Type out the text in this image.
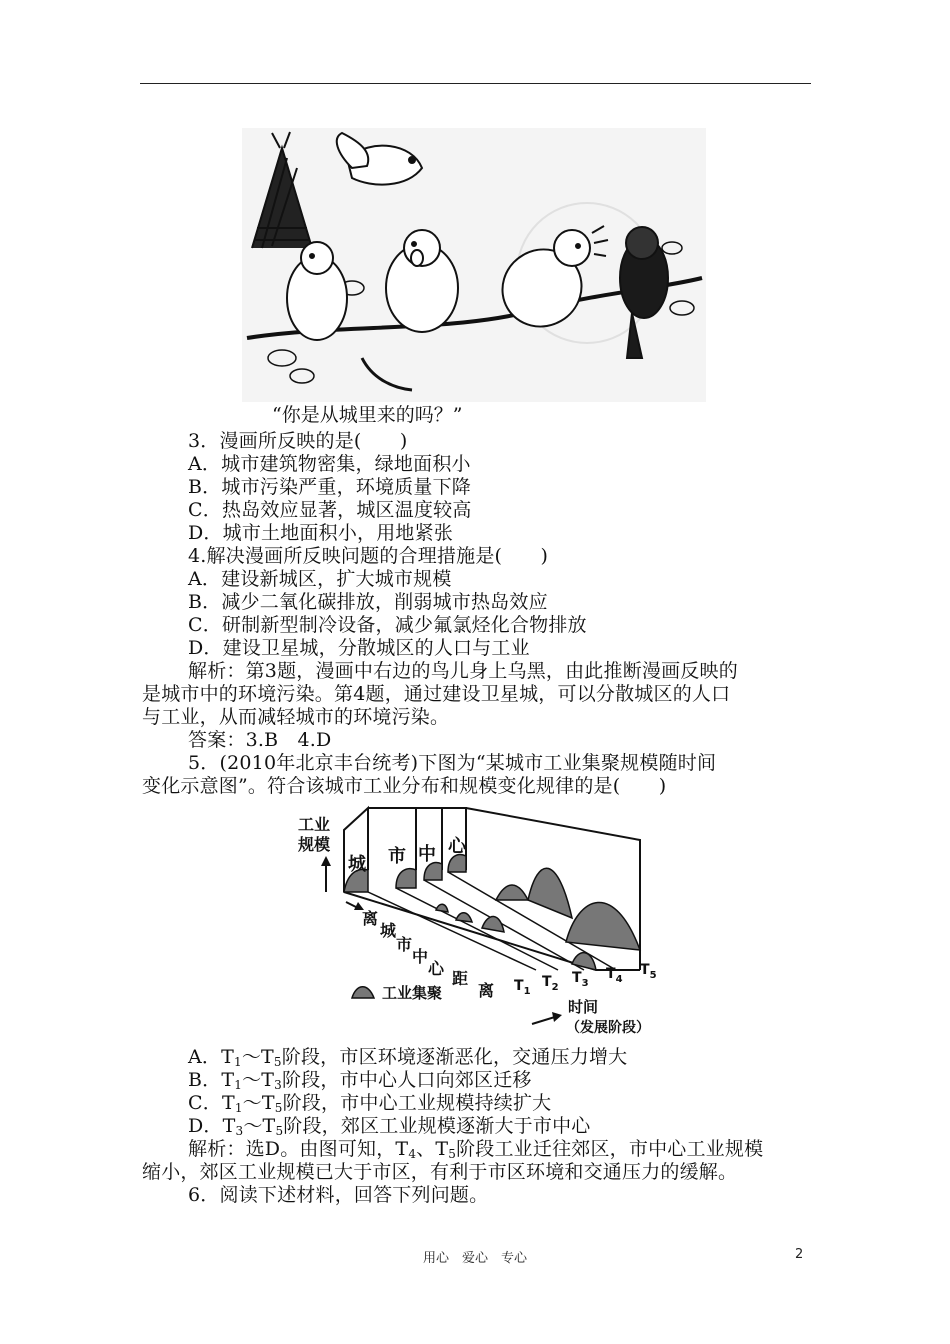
“你是从城里来的吗？”
3．漫画所反映的是(　　)
A．城市建筑物密集，绿地面积小
B．城市污染严重，环境质量下降
C．热岛效应显著，城区温度较高
D．城市土地面积小，用地紧张
4.解决漫画所反映问题的合理措施是(　　)
A．建设新城区，扩大城市规模
B．减少二氧化碳排放，削弱城市热岛效应
C．研制新型制冷设备，减少氟氯烃化合物排放
D．建设卫星城，分散城区的人口与工业
解析：第3题，漫画中右边的鸟儿身上乌黑，由此推断漫画反映的
是城市中的环境污染。第4题，通过建设卫星城，可以分散城区的人口
与工业，从而减轻城市的环境污染。
答案：3.B　4.D
5．(2010年北京丰台统考)下图为“某城市工业集聚规模随时间
变化示意图”。符合该城市工业分布和规模变化规律的是(　　)
工业
规模
城 市 中 心
离
城
市
中
心
距
离 $T_1$
$T_2$
$T_3$
$T_4$
$T_5$
工业集聚
时间
（发展阶段）
A．$T_1\sim T_5$阶段，市区环境逐渐恶化，交通压力增大
B．$T_1\sim T_3$阶段，市中心人口向郊区迁移
C．$T_1\sim T_5$阶段，市中心工业规模持续扩大
D．$T_3\sim T_5$阶段，郊区工业规模逐渐大于市中心
解析：选D。由图可知，$T_4$、$T_5$阶段工业迁往郊区，市中心工业规模
缩小，郊区工业规模已大于市区，有利于市区环境和交通压力的缓解。
6．阅读下述材料，回答下列问题。
用心　爱心　专心	2
